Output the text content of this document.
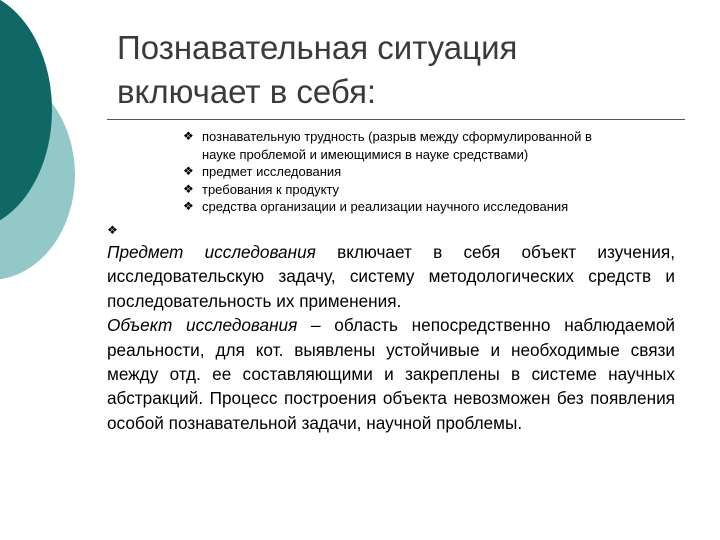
Познавательная ситуация
включает в себя:
❖ познавательную трудность (разрыв между сформулированной в
науке проблемой и имеющимися в науке средствами)
❖ предмет исследования
❖ требования к продукту
❖ средства организации и реализации научного исследования
❖

Предмет исследования включает в себя объект изучения, исследовательскую задачу, систему методологических средств и последовательность их применения.

Объект исследования – область непосредственно наблюдаемой реальности, для кот. выявлены устойчивые и необходимые связи между отд. ее составляющими и закреплены в системе научных абстракций. Процесс построения объекта невозможен без появления особой познавательной задачи, научной проблемы.
